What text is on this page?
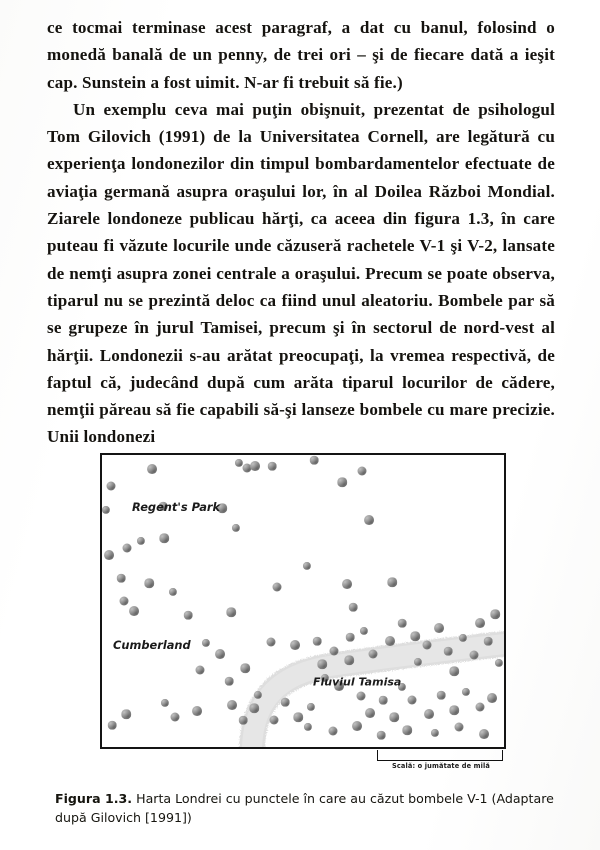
ce tocmai terminase acest paragraf, a dat cu banul, folosind o monedă banală de un penny, de trei ori – şi de fiecare dată a ieşit cap. Sunstein a fost uimit. N-ar fi trebuit să fie.)

Un exemplu ceva mai puţin obişnuit, prezentat de psihologul Tom Gilovich (1991) de la Universitatea Cornell, are legătură cu experienţa londonezilor din timpul bombardamentelor efectuate de aviaţia germană asupra oraşului lor, în al Doilea Război Mondial. Ziarele londoneze publicau hărţi, ca aceea din figura 1.3, în care puteau fi văzute locurile unde căzuseră rachetele V-1 şi V-2, lansate de nemţi asupra zonei centrale a oraşului. Precum se poate observa, tiparul nu se prezintă deloc ca fiind unul aleatoriu. Bombele par să se grupeze în jurul Tamisei, precum şi în sectorul de nord-vest al hărţii. Londonezii s-au arătat preocupaţi, la vremea respectivă, de faptul că, judecând după cum arăta tiparul locurilor de cădere, nemţii păreau să fie capabili să-şi lanseze bombele cu mare precizie. Unii londonezi

Regent's Park
Cumberland
Fluviul Tamisa
Scală: o jumătate de milă
Figura 1.3. Harta Londrei cu punctele în care au căzut bombele V-1 (Adaptare după Gilovich [1991])
